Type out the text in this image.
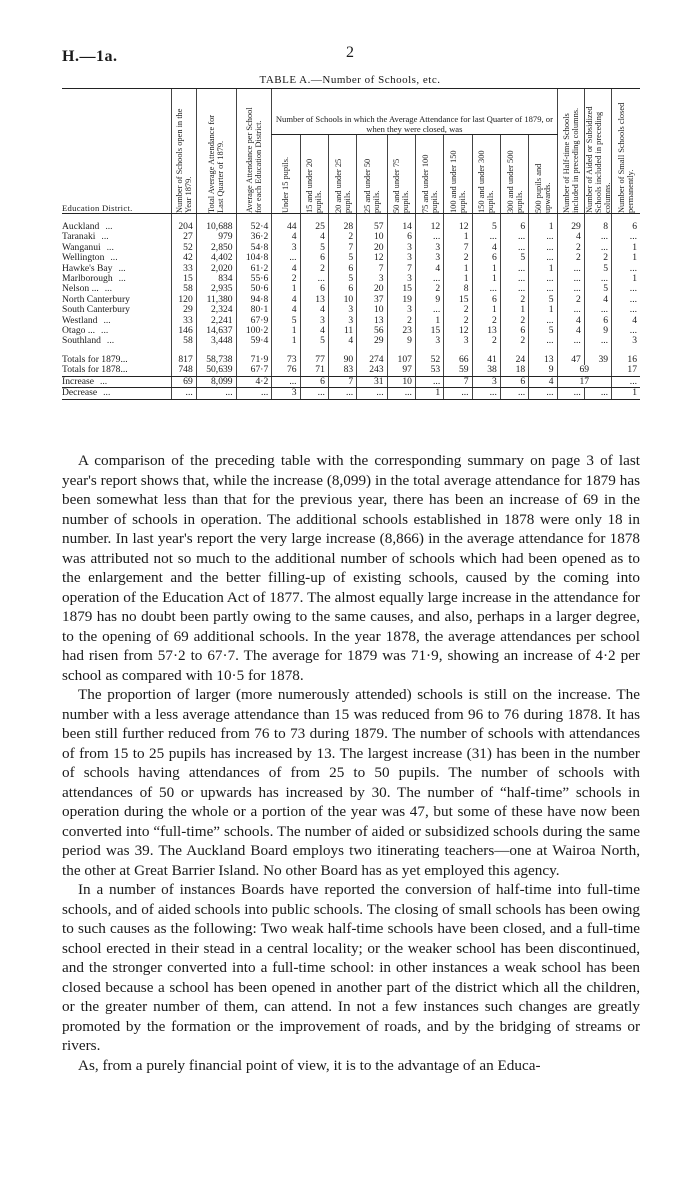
H.—1a.	2
TABLE A.—Number of Schools, etc.
Education District.	Number of Schools open in the Year 1879.	Total Average Attendance for Last Quarter of 1879.	Average Attendance per School for each Education District.	Number of Schools in which the Average Attendance for last Quarter of 1879, or when they were closed, was										Number of Half-time Schools included in preceding columns.	Number of Aided or Subsidized Schools included in preceding columns.	Number of Small Schools closed permanently.

				Under 15 pupils.	15 and under 20 pupils.	20 and under 25 pupils.	25 and under 50 pupils.	50 and under 75 pupils.	75 and under 100 pupils.	100 and under 150 pupils.	150 and under 300 pupils.	300 and under 500 pupils.	500 pupils and upwards.			

Auckland ...	204	10,688	52·4	44	25	28	57	14	12	12	5	6	1	29	8	6
Taranaki ...	27	979	36·2	4	4	2	10	6	...	1	...	...	...	4	...	...
Wanganui ...	52	2,850	54·8	3	5	7	20	3	3	7	4	...	...	2	...	1
Wellington ...	42	4,402	104·8	...	6	5	12	3	3	2	6	5	...	2	2	1
Hawke's Bay ...	33	2,020	61·2	4	2	6	7	7	4	1	1	...	1	...	5	...
Marlborough ...	15	834	55·6	2	...	5	3	3	...	1	1	...	...	...	...	1
Nelson ... ...	58	2,935	50·6	1	6	6	20	15	2	8	...	...	...	...	5	...
North Canterbury	120	11,380	94·8	4	13	10	37	19	9	15	6	2	5	2	4	...
South Canterbury	29	2,324	80·1	4	4	3	10	3	...	2	1	1	1	...	...	...
Westland ...	33	2,241	67·9	5	3	3	13	2	1	2	2	2	...	4	6	4
Otago ... ...	146	14,637	100·2	1	4	11	56	23	15	12	13	6	5	4	9	...
Southland ...	58	3,448	59·4	1	5	4	29	9	3	3	2	2	...	...	...	3
Totals for 1879...	817	58,738	71·9	73	77	90	274	107	52	66	41	24	13	47	39	16
Totals for 1878...	748	50,639	67·7	76	71	83	243	97	53	59	38	18	9	69		17
Increase ...	69	8,099	4·2	...	6	7	31	10	...	7	3	6	4	17		...
Decrease ...	...	...	...	3	...	...	...	...	1	...	...	...	...	...	...	1

A comparison of the preceding table with the corresponding summary on page 3 of last year's report shows that, while the increase (8,099) in the total average attendance for 1879 has been somewhat less than that for the previous year, there has been an increase of 69 in the number of schools in operation. The additional schools established in 1878 were only 18 in number. In last year's report the very large increase (8,866) in the average attendance for 1878 was attributed not so much to the additional number of schools which had been opened as to the enlargement and the better filling-up of existing schools, caused by the coming into operation of the Education Act of 1877. The almost equally large increase in the attendance for 1879 has no doubt been partly owing to the same causes, and also, perhaps in a larger degree, to the opening of 69 additional schools. In the year 1878, the average attendances per school had risen from 57·2 to 67·7. The average for 1879 was 71·9, showing an increase of 4·2 per school as compared with 10·5 for 1878.

The proportion of larger (more numerously attended) schools is still on the increase. The number with a less average attendance than 15 was reduced from 96 to 76 during 1878. It has been still further reduced from 76 to 73 during 1879. The number of schools with attendances of from 15 to 25 pupils has increased by 13. The largest increase (31) has been in the number of schools having attendances of from 25 to 50 pupils. The number of schools with attendances of 50 or upwards has increased by 30. The number of “half-time” schools in operation during the whole or a portion of the year was 47, but some of these have now been converted into “full-time” schools. The number of aided or subsidized schools during the same period was 39. The Auckland Board employs two itinerating teachers—one at Wairoa North, the other at Great Barrier Island. No other Board has as yet employed this agency.

In a number of instances Boards have reported the conversion of half-time into full-time schools, and of aided schools into public schools. The closing of small schools has been owing to such causes as the following: Two weak half-time schools have been closed, and a full-time school erected in their stead in a central locality; or the weaker school has been discontinued, and the stronger converted into a full-time school: in other instances a weak school has been closed because a school has been opened in another part of the district which all the children, or the greater number of them, can attend. In not a few instances such changes are greatly promoted by the formation or the improvement of roads, and by the bridging of streams or rivers.

As, from a purely financial point of view, it is to the advantage of an Educa-
